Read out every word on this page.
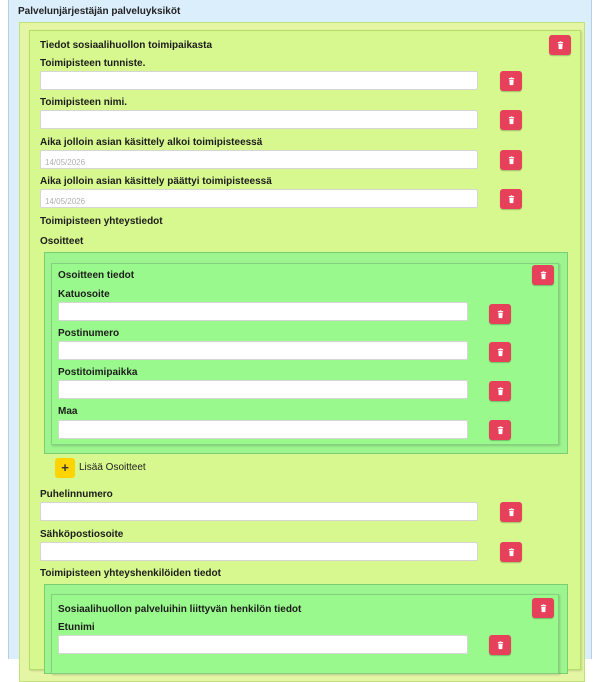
Palvelunjärjestäjän palveluyksiköt
Tiedot sosiaalihuollon toimipaikasta
Toimipisteen tunniste.
Toimipisteen nimi.
Aika jolloin asian käsittely alkoi toimipisteessä
14/05/2026
Aika jolloin asian käsittely päättyi toimipisteessä
14/05/2026
Toimipisteen yhteystiedot
Osoitteet
Osoitteen tiedot
Katuosoite
Postinumero
Postitoimipaikka
Maa
+	Lisää Osoitteet
Puhelinnumero
Sähköpostiosoite
Toimipisteen yhteyshenkilöiden tiedot
Sosiaalihuollon palveluihin liittyvän henkilön tiedot
Etunimi
